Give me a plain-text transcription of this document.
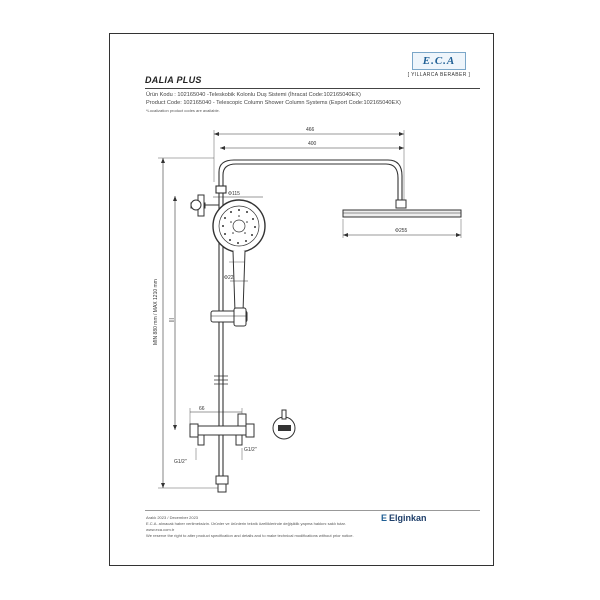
E.C.A
[ YILLARCA BERABER ]
DALIA PLUS
Ürün Kodu : 102165040 -Teleskobik Kolonlu Duş Sistemi (İhracat Code:102165040EX)
Product Code: 102165040 - Telescopic Column Shower Column Systems (Export Code:102165040EX)
*Localization product codes are available.
466
400
MIN 880 mm / MAX 1210 mm |||
Φ255
Φ115
Φ22
66
G1/2"
G1/2"
Aralık 2023 / December 2023
E.C.A. alınacak haber verilmeksizin. Ürünler ve ürünlerin teknik özelliklerinde değişiklik yapma hakkını saklı tutar.
www.eca.com.tr
We reserve the right to alter product specification and details and to make technical modifications without prior notice.
E Elginkan
